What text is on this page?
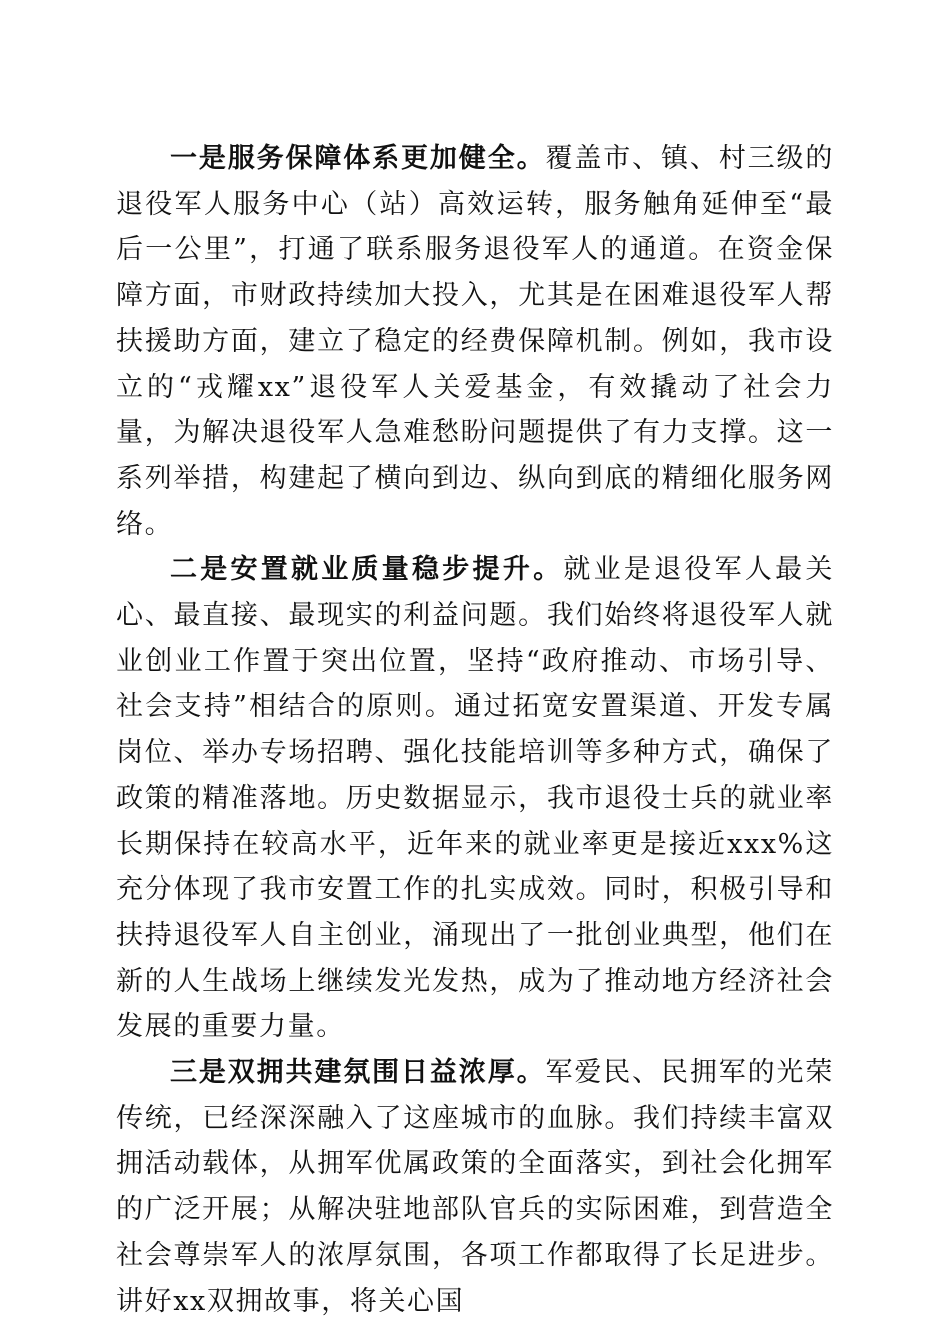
一是服务保障体系更加健全。覆盖市、镇、村三级的退役军人服务中心（站）高效运转，服务触角延伸至“最后一公里”，打通了联系服务退役军人的通道。在资金保障方面，市财政持续加大投入，尤其是在困难退役军人帮扶援助方面，建立了稳定的经费保障机制。例如，我市设立的“戎耀xx”退役军人关爱基金，有效撬动了社会力量，为解决退役军人急难愁盼问题提供了有力支撑。这一系列举措，构建起了横向到边、纵向到底的精细化服务网络。

二是安置就业质量稳步提升。就业是退役军人最关心、最直接、最现实的利益问题。我们始终将退役军人就业创业工作置于突出位置，坚持“政府推动、市场引导、社会支持”相结合的原则。通过拓宽安置渠道、开发专属岗位、举办专场招聘、强化技能培训等多种方式，确保了政策的精准落地。历史数据显示，我市退役士兵的就业率长期保持在较高水平，近年来的就业率更是接近xxx%这充分体现了我市安置工作的扎实成效。同时，积极引导和扶持退役军人自主创业，涌现出了一批创业典型，他们在新的人生战场上继续发光发热，成为了推动地方经济社会发展的重要力量。

三是双拥共建氛围日益浓厚。军爱民、民拥军的光荣传统，已经深深融入了这座城市的血脉。我们持续丰富双拥活动载体，从拥军优属政策的全面落实，到社会化拥军的广泛开展；从解决驻地部队官兵的实际困难，到营造全社会尊崇军人的浓厚氛围，各项工作都取得了长足进步。讲好xx双拥故事，将关心国
